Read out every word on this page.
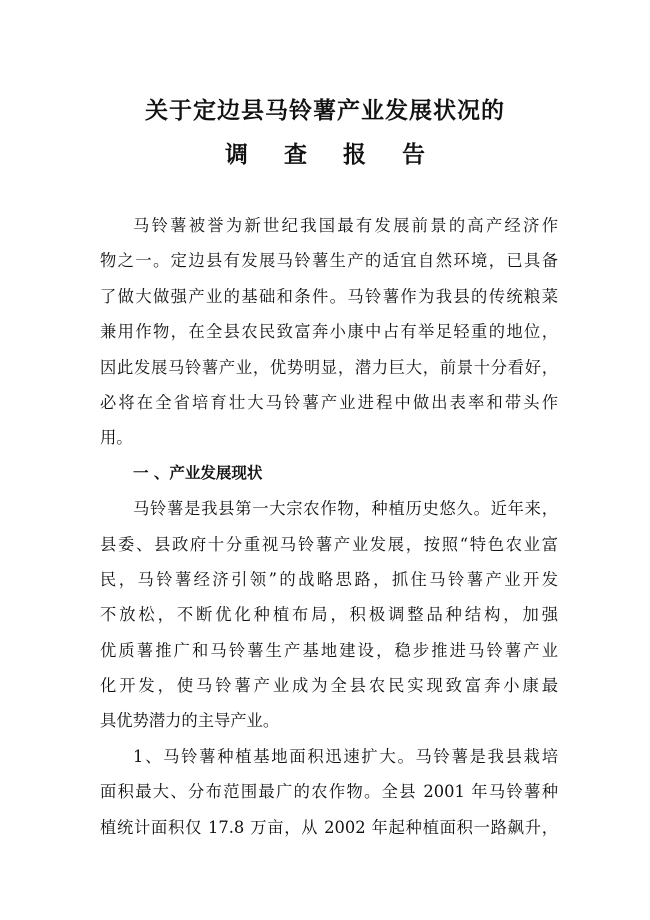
关于定边县马铃薯产业发展状况的
调 查 报 告
马铃薯被誉为新世纪我国最有发展前景的高产经济作
物之一。定边县有发展马铃薯生产的适宜自然环境，已具备
了做大做强产业的基础和条件。马铃薯作为我县的传统粮菜
兼用作物，在全县农民致富奔小康中占有举足轻重的地位，
因此发展马铃薯产业，优势明显，潜力巨大，前景十分看好，
必将在全省培育壮大马铃薯产业进程中做出表率和带头作
用。
一 、产业发展现状
马铃薯是我县第一大宗农作物，种植历史悠久。近年来，
县委、县政府十分重视马铃薯产业发展，按照“特色农业富
民，马铃薯经济引领”的战略思路，抓住马铃薯产业开发
不放松，不断优化种植布局，积极调整品种结构，加强
优质薯推广和马铃薯生产基地建设，稳步推进马铃薯产业
化开发，使马铃薯产业成为全县农民实现致富奔小康最
具优势潜力的主导产业。
1、马铃薯种植基地面积迅速扩大。马铃薯是我县栽培
面积最大、分布范围最广的农作物。全县 2001 年马铃薯种
植统计面积仅 17.8 万亩，从 2002 年起种植面积一路飙升，
